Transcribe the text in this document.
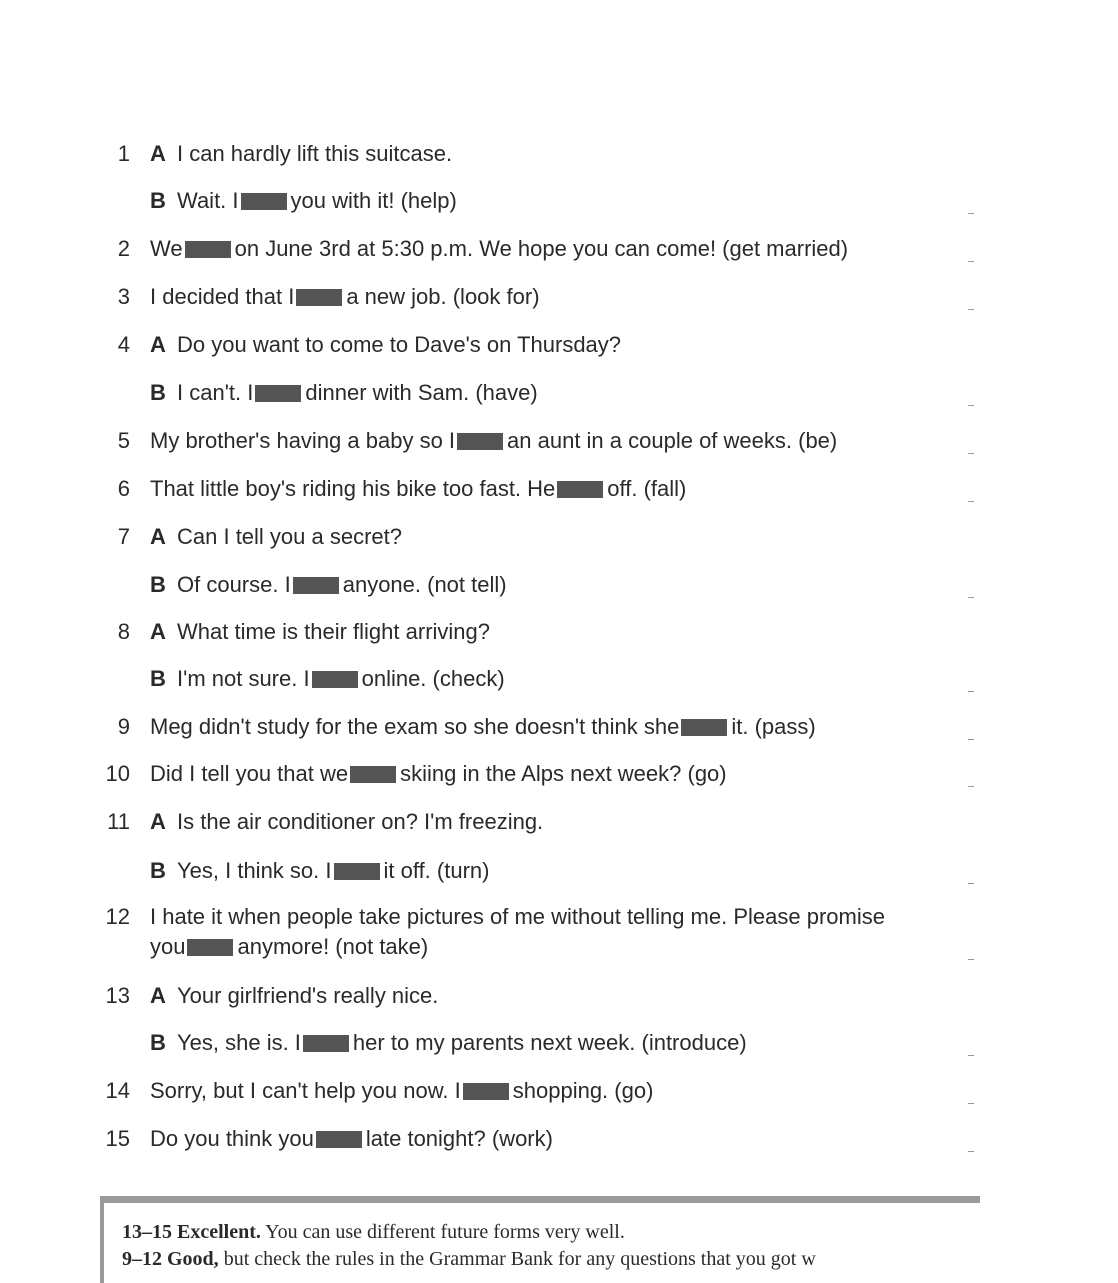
1 A I can hardly lift this suitcase.
B Wait. I you with it! (help)
2 We on June 3rd at 5:30 p.m. We hope you can come! (get married)
3 I decided that I a new job. (look for)
4 A Do you want to come to Dave's on Thursday?
B I can't. I dinner with Sam. (have)
5 My brother's having a baby so I an aunt in a couple of weeks. (be)
6 That little boy's riding his bike too fast. He off. (fall)
7 A Can I tell you a secret?
B Of course. I anyone. (not tell)
8 A What time is their flight arriving?
B I'm not sure. I online. (check)
9 Meg didn't study for the exam so she doesn't think she it. (pass)
10 Did I tell you that we skiing in the Alps next week? (go)
11 A Is the air conditioner on? I'm freezing.
B Yes, I think so. I it off. (turn)
12 I hate it when people take pictures of me without telling me. Please promise
you anymore! (not take)
13 A Your girlfriend's really nice.
B Yes, she is. I her to my parents next week. (introduce)
14 Sorry, but I can't help you now. I shopping. (go)
15 Do you think you late tonight? (work)
13–15 Excellent. You can use different future forms very well.
9–12 Good, but check the rules in the Grammar Bank for any questions that you got w
